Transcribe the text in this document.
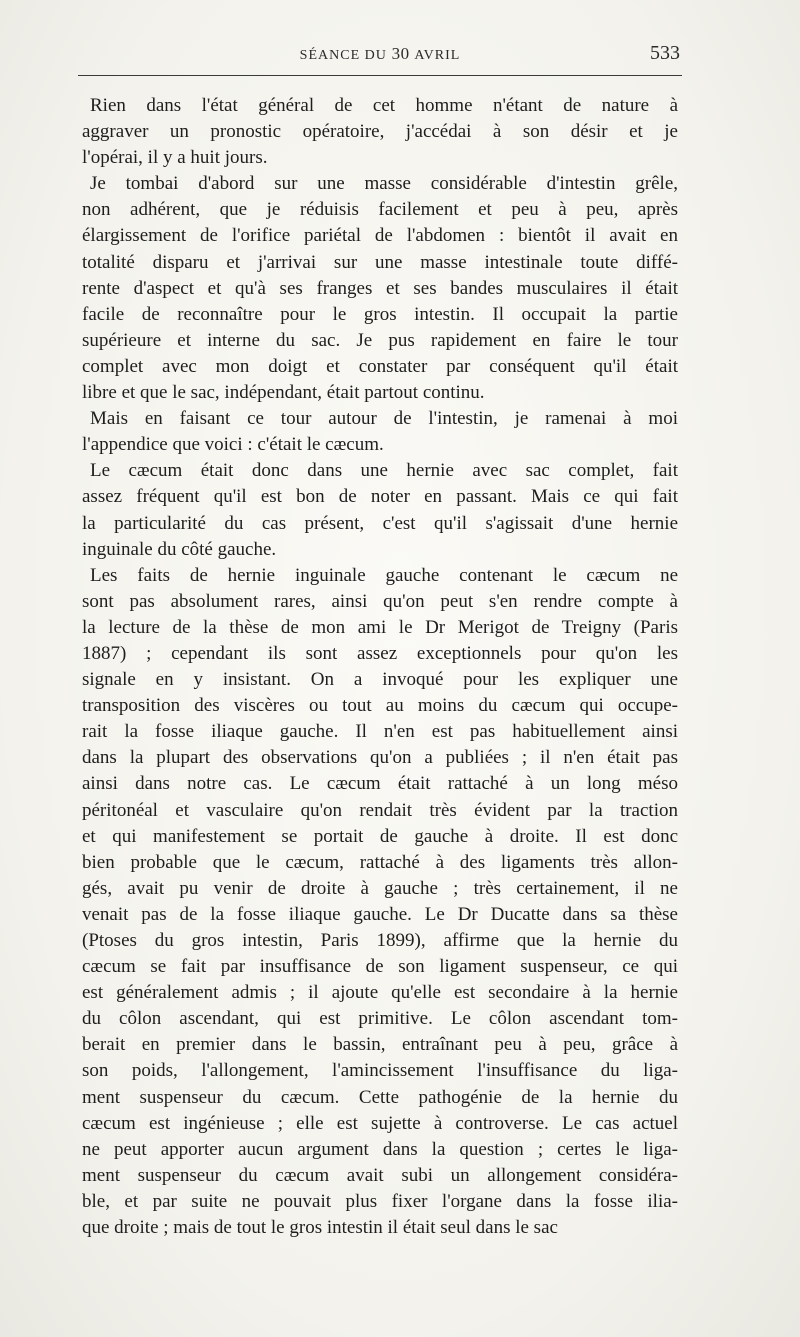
SÉANCE DU 30 AVRIL	533
Rien dans l'état général de cet homme n'étant de nature à
aggraver un pronostic opératoire, j'accédai à son désir et je
l'opérai, il y a huit jours.
Je tombai d'abord sur une masse considérable d'intestin grêle,
non adhérent, que je réduisis facilement et peu à peu, après
élargissement de l'orifice pariétal de l'abdomen : bientôt il avait en
totalité disparu et j'arrivai sur une masse intestinale toute diffé-
rente d'aspect et qu'à ses franges et ses bandes musculaires il était
facile de reconnaître pour le gros intestin. Il occupait la partie
supérieure et interne du sac. Je pus rapidement en faire le tour
complet avec mon doigt et constater par conséquent qu'il était
libre et que le sac, indépendant, était partout continu.
Mais en faisant ce tour autour de l'intestin, je ramenai à moi
l'appendice que voici : c'était le cæcum.
Le cæcum était donc dans une hernie avec sac complet, fait
assez fréquent qu'il est bon de noter en passant. Mais ce qui fait
la particularité du cas présent, c'est qu'il s'agissait d'une hernie
inguinale du côté gauche.
Les faits de hernie inguinale gauche contenant le cæcum ne
sont pas absolument rares, ainsi qu'on peut s'en rendre compte à
la lecture de la thèse de mon ami le Dr Merigot de Treigny (Paris
1887) ; cependant ils sont assez exceptionnels pour qu'on les
signale en y insistant. On a invoqué pour les expliquer une
transposition des viscères ou tout au moins du cæcum qui occupe-
rait la fosse iliaque gauche. Il n'en est pas habituellement ainsi
dans la plupart des observations qu'on a publiées ; il n'en était pas
ainsi dans notre cas. Le cæcum était rattaché à un long méso
péritonéal et vasculaire qu'on rendait très évident par la traction
et qui manifestement se portait de gauche à droite. Il est donc
bien probable que le cæcum, rattaché à des ligaments très allon-
gés, avait pu venir de droite à gauche ; très certainement, il ne
venait pas de la fosse iliaque gauche. Le Dr Ducatte dans sa thèse
(Ptoses du gros intestin, Paris 1899), affirme que la hernie du
cæcum se fait par insuffisance de son ligament suspenseur, ce qui
est généralement admis ; il ajoute qu'elle est secondaire à la hernie
du côlon ascendant, qui est primitive. Le côlon ascendant tom-
berait en premier dans le bassin, entraînant peu à peu, grâce à
son poids, l'allongement, l'amincissement l'insuffisance du liga-
ment suspenseur du cæcum. Cette pathogénie de la hernie du
cæcum est ingénieuse ; elle est sujette à controverse. Le cas actuel
ne peut apporter aucun argument dans la question ; certes le liga-
ment suspenseur du cæcum avait subi un allongement considéra-
ble, et par suite ne pouvait plus fixer l'organe dans la fosse ilia-
que droite ; mais de tout le gros intestin il était seul dans le sac
